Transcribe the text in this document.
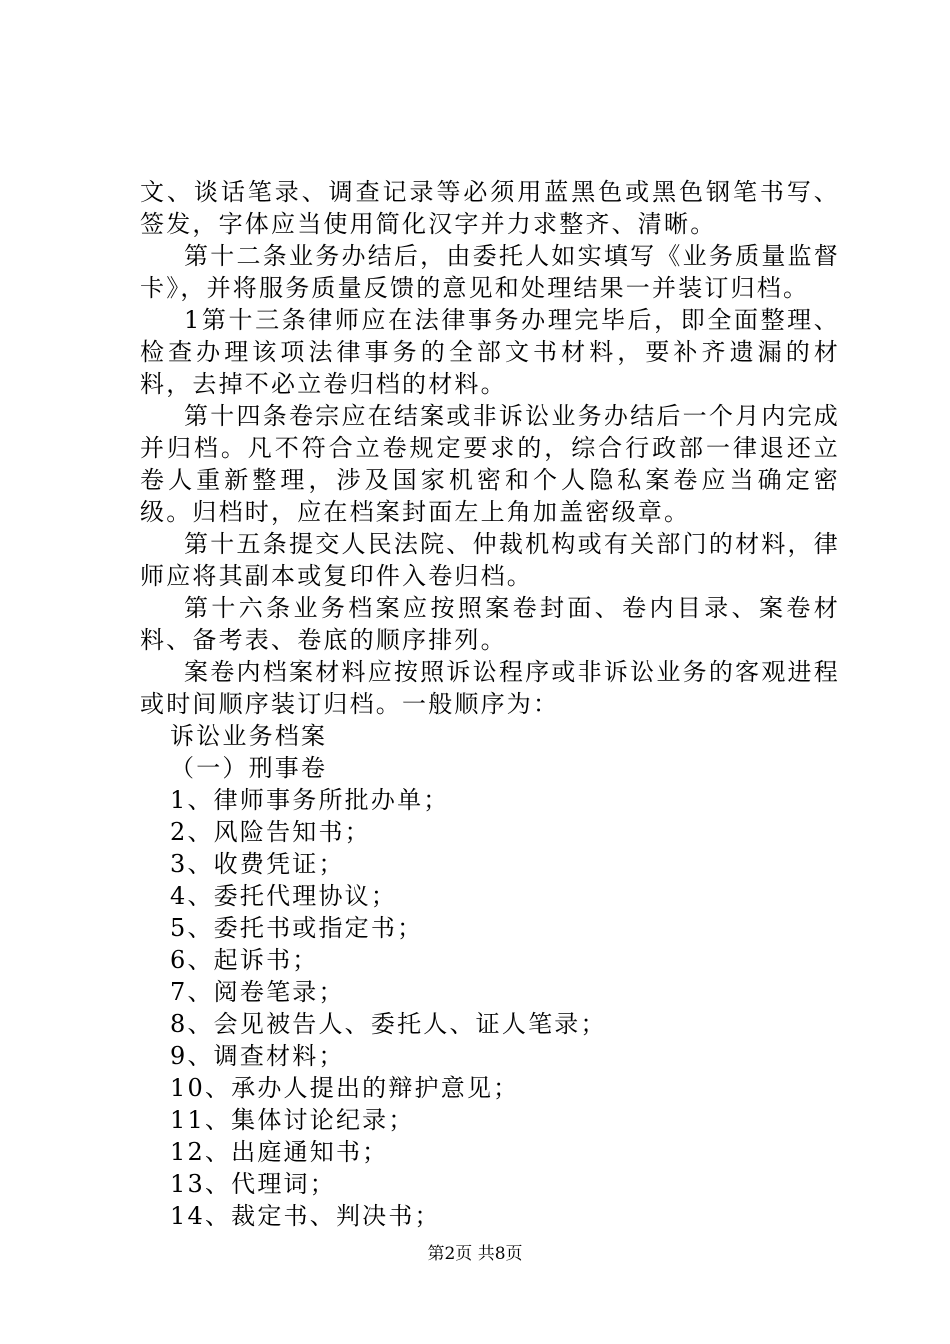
文、谈话笔录、调查记录等必须用蓝黑色或黑色钢笔书写、签发，字体应当使用简化汉字并力求整齐、清晰。

第十二条业务办结后，由委托人如实填写《业务质量监督卡》，并将服务质量反馈的意见和处理结果一并装订归档。

1第十三条律师应在法律事务办理完毕后，即全面整理、检查办理该项法律事务的全部文书材料，要补齐遗漏的材料，去掉不必立卷归档的材料。

第十四条卷宗应在结案或非诉讼业务办结后一个月内完成并归档。凡不符合立卷规定要求的，综合行政部一律退还立卷人重新整理，涉及国家机密和个人隐私案卷应当确定密级。归档时，应在档案封面左上角加盖密级章。

第十五条提交人民法院、仲裁机构或有关部门的材料，律师应将其副本或复印件入卷归档。

第十六条业务档案应按照案卷封面、卷内目录、案卷材料、备考表、卷底的顺序排列。

案卷内档案材料应按照诉讼程序或非诉讼业务的客观进程或时间顺序装订归档。一般顺序为：

诉讼业务档案

（一）刑事卷

1、律师事务所批办单；

2、风险告知书；

3、收费凭证；

4、委托代理协议；

5、委托书或指定书；

6、起诉书；

7、阅卷笔录；

8、会见被告人、委托人、证人笔录；

9、调查材料；

10、承办人提出的辩护意见；

11、集体讨论纪录；

12、出庭通知书；

13、代理词；

14、裁定书、判决书；

第2页 共8页
